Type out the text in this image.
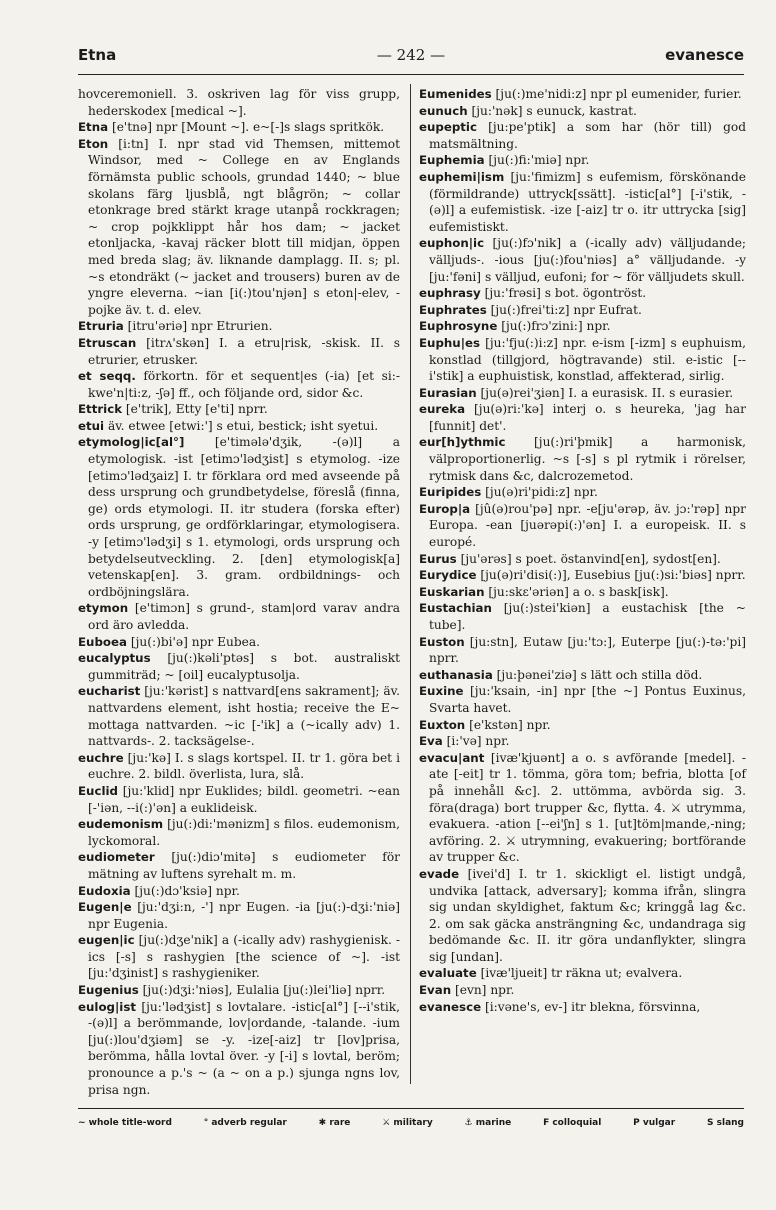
Etna	— 242 —	evanesce

hovceremoniell. 3. oskriven lag för viss grupp, hederskodex [medical ~].

Etna [e'tnə] npr [Mount ~]. e~[-]s slags spritkök.

Eton [i:tn] I. npr stad vid Themsen, mittemot Windsor, med ~ College en av Englands förnämsta public schools, grundad 1440; ~ blue skolans färg ljusblå, ngt blågrön; ~ collar etonkrage bred stärkt krage utanpå rockkragen; ~ crop pojkklippt hår hos dam; ~ jacket etonljacka, -kavaj räcker blott till midjan, öppen med breda slag; äv. liknande damplagg. II. s; pl. ~s etondräkt (~ jacket and trousers) buren av de yngre eleverna. ~ian [i(:)tou'njən] s eton|-elev, -pojke äv. t. d. elev.

Etruria [itru'əriə] npr Etrurien.

Etruscan [itrʌ'skən] I. a etru|risk, -skisk. II. s etrurier, etrusker.

et seqq. förkortn. för et sequent|es (-ia) [et si:-kwe'n|ti:z, -ʃə] ff., och följande ord, sidor &c.

Ettrick [e'trik], Etty [e'ti] nprr.

etui äv. etwee [etwi:'] s etui, bestick; isht syetui.

etymolog|ic[al°]	[e'timələ'dʒik, -(ə)l] a etymologisk. -ist [etimɔ'lədʒist] s etymolog. -ize [etimɔ'lədʒaiz] I. tr förklara ord med avseende på dess ursprung och grundbetydelse, föreslå (finna, ge) ords etymologi. II. itr studera (forska efter) ords ursprung, ge ordförklaringar, etymologisera. -y [etimɔ'lədʒi] s 1. etymologi, ords ursprung och betydelseutveckling. 2. [den] etymologisk[a] vetenskap[en]. 3. gram. ordbildnings- och ordböjningslära.

etymon [e'timɔn] s grund-, stam|ord varav andra ord äro avledda.

Euboea [ju(:)bi'ə] npr Eubea.

eucalyptus [ju(:)kəli'ptəs] s bot. australiskt gummiträd; ~ [oil] eucalyptusolja.

eucharist [ju:'kərist] s nattvard[ens sakrament]; äv. nattvardens element, isht hostia; receive the E~ mottaga nattvarden. ~ic [-'ik] a (~ically adv) 1. nattvards-. 2. tacksägelse-.

euchre [ju:'kə] I. s slags kortspel. II. tr 1. göra bet i euchre. 2. bildl. överlista, lura, slå.

Euclid [ju:'klid] npr Euklides; bildl. geometri. ~ean [-'iən, --i(:)'ən] a euklideisk.

eudemonism [ju(:)di:'mənizm] s filos. eudemonism, lyckomoral.

eudiometer [ju(:)diɔ'mitə] s eudiometer för mätning av luftens syrehalt m. m.

Eudoxia [ju(:)dɔ'ksiə] npr.

Eugen|e [ju:'dʒi:n, -'] npr Eugen. -ia [ju(:)-dʒi:'niə] npr Eugenia.

eugen|ic [ju(:)dʒe'nik] a (-ically adv) rashygienisk. -ics [-s] s rashygien [the science of ~]. -ist [ju:'dʒinist] s rashygieniker.

Eugenius [ju(:)dʒi:'niəs], Eulalia [ju(:)lei'liə] nprr.

eulog|ist [ju:'lədʒist] s lovtalare. -istic[al°] [--i'stik, -(ə)l] a berömmande, lov|ordande, -talande. -ium [ju(:)lou'dʒiəm] se -y. -ize[-aiz] tr [lov]prisa, berömma, hålla lovtal över. -y [-i] s lovtal, beröm; pronounce a p.'s ~ (a ~ on a p.) sjunga ngns lov, prisa ngn.

Eumenides [ju(:)me'nidi:z] npr pl eumenider, furier.

eunuch [ju:'nək] s eunuck, kastrat.

eupeptic [ju:pe'ptik] a som har (hör till) god matsmältning.

Euphemia [ju(:)fi:'miə] npr.

euphemi|ism [ju:'fimizm] s eufemism, förskönande (förmildrande) uttryck[ssätt]. -istic[al°] [-i'stik, -(ə)l] a eufemistisk. -ize [-aiz] tr o. itr uttrycka [sig] eufemistiskt.

euphon|ic [ju(:)fɔ'nik] a (-ically adv) välljudande; välljuds-. -ious [ju(:)fou'niəs] a° välljudande. -y [ju:'fəni] s välljud, eufoni; for ~ för välljudets skull.

euphrasy [ju:'frəsi] s bot. ögontröst.

Euphrates [ju(:)frei'ti:z] npr Eufrat.

Euphrosyne [ju(:)frɔ'zini:] npr.

Euphu|es [ju:'fju(:)i:z] npr. e-ism [-izm] s euphuism, konstlad (tillgjord, högtravande) stil. e-istic [--i'stik] a euphuistisk, konstlad, affekterad, sirlig.

Eurasian [ju(ə)rei'ʒiən] I. a eurasisk. II. s eurasier.

eureka [ju(ə)ri:'kə] interj o. s heureka, 'jag har [funnit] det'.

eur[h]ythmic [ju(:)ri'þmik] a harmonisk, välproportionerlig. ~s [-s] s pl rytmik i rörelser, rytmisk dans &c, dalcrozemetod.

Euripides [ju(ə)ri'pidi:z] npr.

Europ|a [jû(ə)rou'pə] npr. -e[ju'ərəp, äv. jɔ:'rəp] npr Europa. -ean [juərəpi(:)'ən] I. a europeisk. II. s europé.

Eurus [ju'ərəs] s poet. östanvind[en], sydost[en].

Eurydice [ju(ə)ri'disi(:)], Eusebius [ju(:)si:'biəs] nprr.

Euskarian [ju:skɛ'əriən] a o. s bask[isk].

Eustachian [ju(:)stei'kiən] a eustachisk [the ~ tube].

Euston [ju:stn], Eutaw [ju:'tɔ:], Euterpe [ju(:)-tə:'pi] nprr.

euthanasia [ju:þənei'ziə] s lätt och stilla död.

Euxine [ju:'ksain, -in] npr [the ~] Pontus Euxinus, Svarta havet.

Euxton [e'kstən] npr.

Eva [i:'və] npr.

evacu|ant [ivæ'kjuənt] a o. s avförande [medel]. -ate [-eit] tr 1. tömma, göra tom; befria, blotta [of på innehåll &c]. 2. uttömma, avbörda sig. 3. föra(draga) bort trupper &c, flytta. 4. ⚔ utrymma, evakuera. -ation [--ei'ʃn] s 1. [ut]töm|mande,-ning; avföring. 2. ⚔ utrymning, evakuering; bortförande av trupper &c.

evade [ivei'd] I. tr 1. skickligt el. listigt undgå, undvika [attack, adversary]; komma ifrån, slingra sig undan skyldighet, faktum &c; kringgå lag &c. 2. om sak gäcka ansträngning &c, undandraga sig bedömande &c. II. itr göra undanflykter, slingra sig [undan].

evaluate [ivæ'ljueit] tr räkna ut; evalvera.

Evan [evn] npr.

evanesce [i:vəne's, ev-] itr blekna, försvinna,

~ whole title-word	° adverb regular	✱ rare	⚔ military	⚓ marine	F colloquial	P vulgar	S slang
